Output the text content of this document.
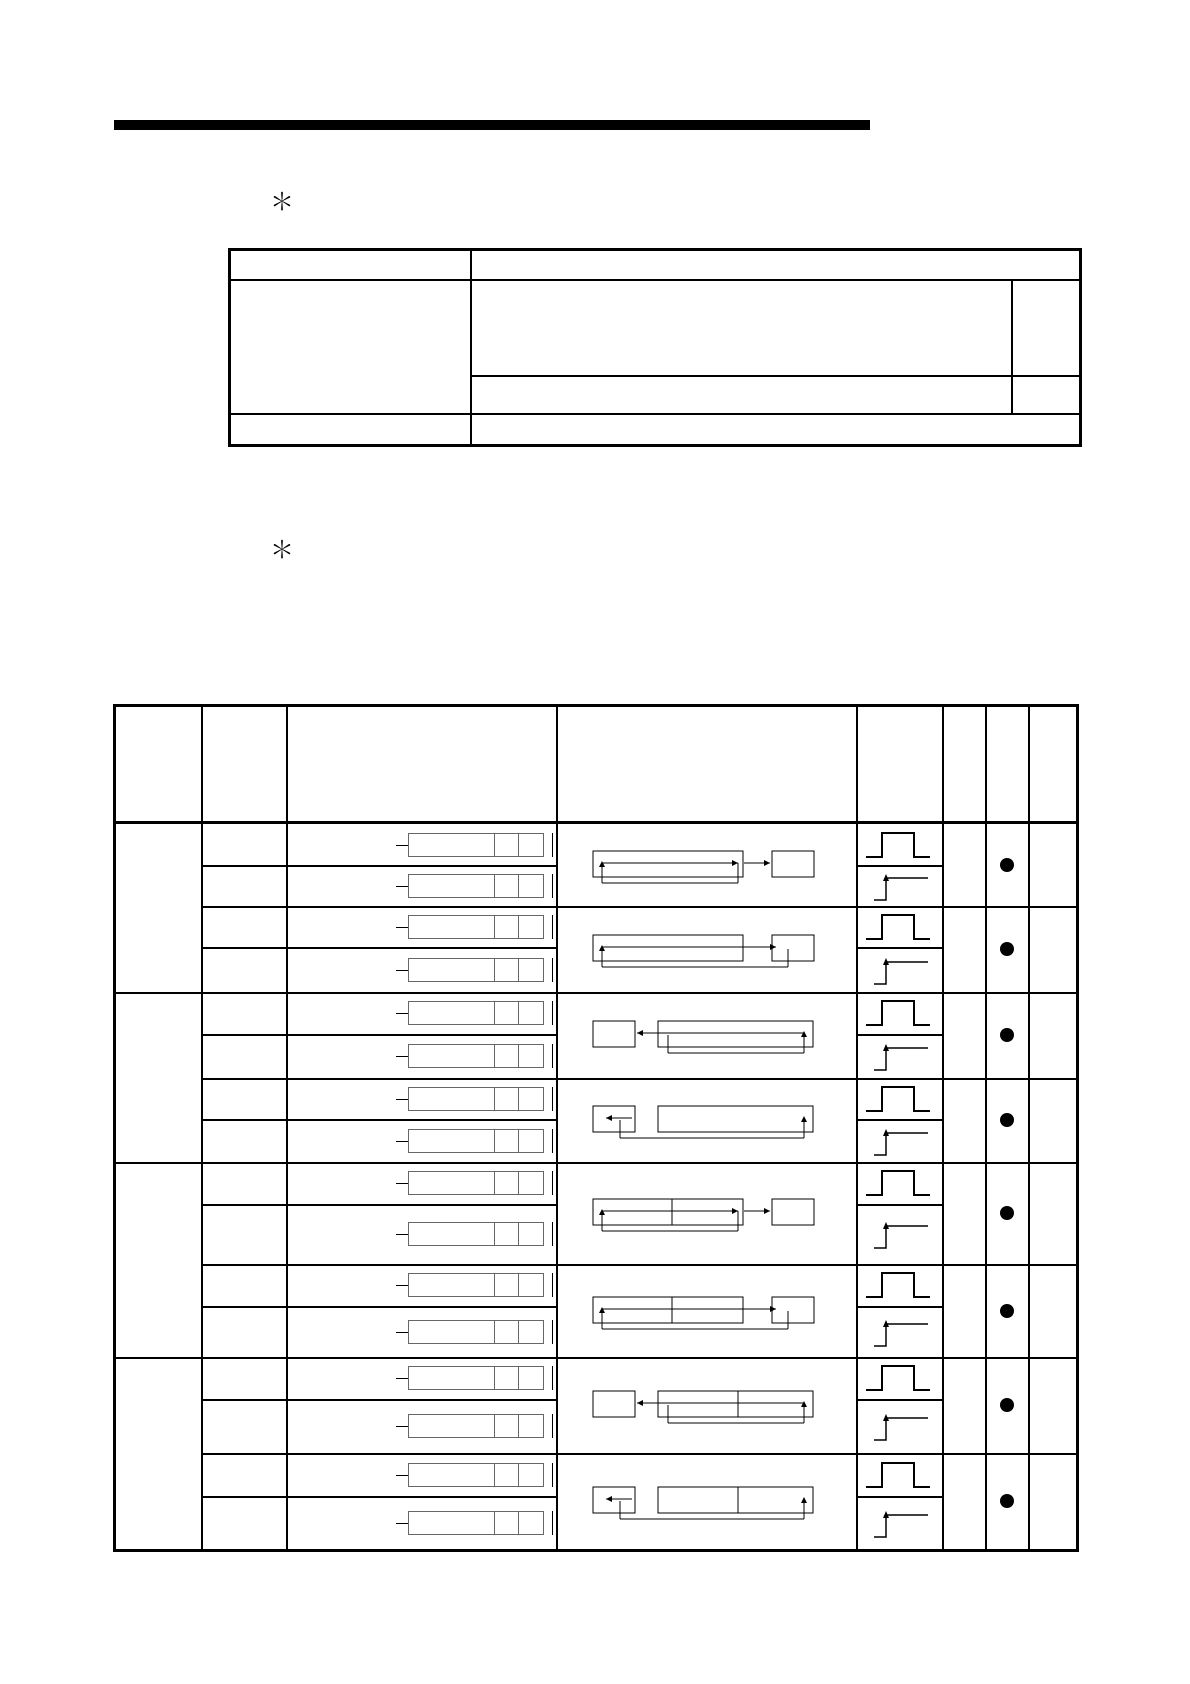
＊
＊
